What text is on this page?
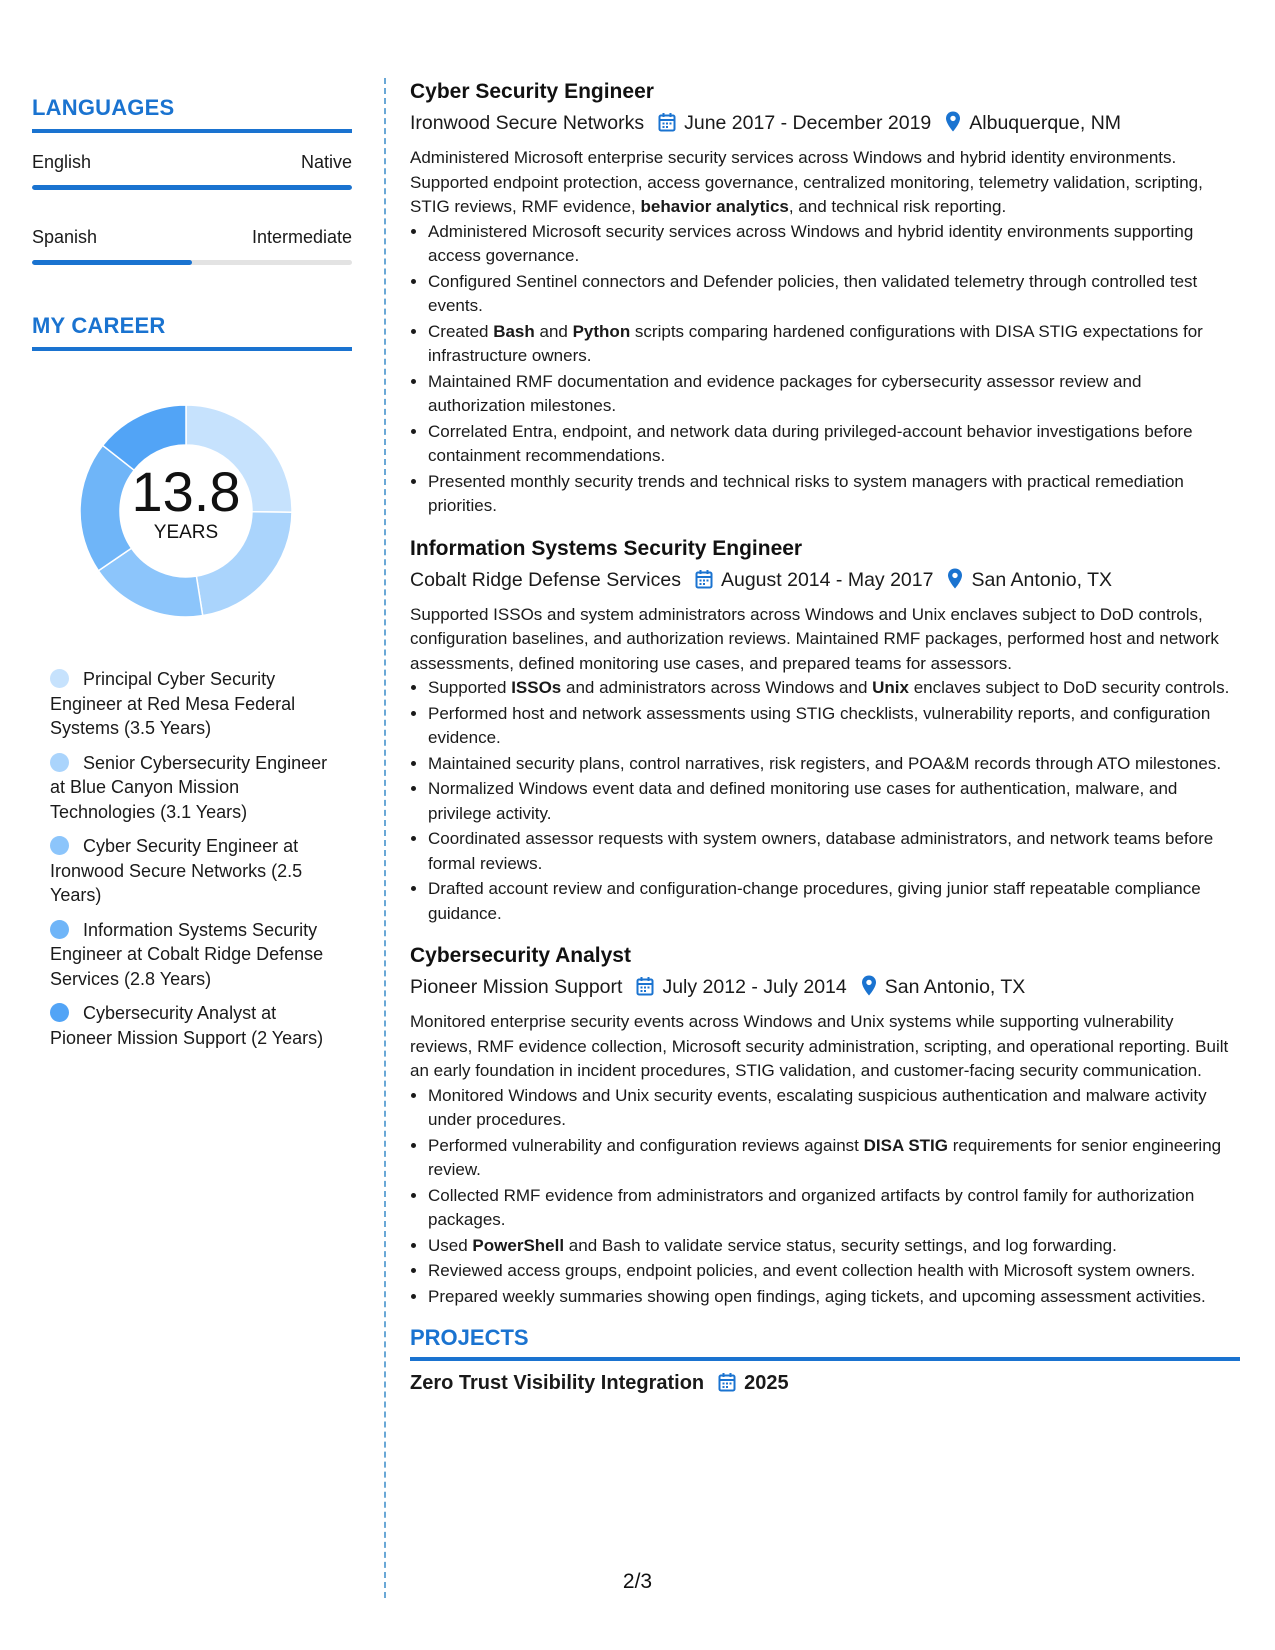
LANGUAGES
English	Native
Spanish	Intermediate
MY CAREER
13.8
YEARS
Principal Cyber Security Engineer at Red Mesa Federal Systems (3.5 Years)
Senior Cybersecurity Engineer at Blue Canyon Mission Technologies (3.1 Years)
Cyber Security Engineer at Ironwood Secure Networks (2.5 Years)
Information Systems Security Engineer at Cobalt Ridge Defense Services (2.8 Years)
Cybersecurity Analyst at Pioneer Mission Support (2 Years)
Cyber Security Engineer
Ironwood Secure Networks June 2017 - December 2019 Albuquerque, NM
Administered Microsoft enterprise security services across Windows and hybrid identity environments. Supported endpoint protection, access governance, centralized monitoring, telemetry validation, scripting, STIG reviews, RMF evidence, behavior analytics, and technical risk reporting.
• Administered Microsoft security services across Windows and hybrid identity environments supporting access governance.
• Configured Sentinel connectors and Defender policies, then validated telemetry through controlled test events.
• Created Bash and Python scripts comparing hardened configurations with DISA STIG expectations for infrastructure owners.
• Maintained RMF documentation and evidence packages for cybersecurity assessor review and authorization milestones.
• Correlated Entra, endpoint, and network data during privileged-account behavior investigations before containment recommendations.
• Presented monthly security trends and technical risks to system managers with practical remediation priorities.
Information Systems Security Engineer
Cobalt Ridge Defense Services August 2014 - May 2017 San Antonio, TX
Supported ISSOs and system administrators across Windows and Unix enclaves subject to DoD controls, configuration baselines, and authorization reviews. Maintained RMF packages, performed host and network assessments, defined monitoring use cases, and prepared teams for assessors.
• Supported ISSOs and administrators across Windows and Unix enclaves subject to DoD security controls.
• Performed host and network assessments using STIG checklists, vulnerability reports, and configuration evidence.
• Maintained security plans, control narratives, risk registers, and POA&M records through ATO milestones.
• Normalized Windows event data and defined monitoring use cases for authentication, malware, and privilege activity.
• Coordinated assessor requests with system owners, database administrators, and network teams before formal reviews.
• Drafted account review and configuration-change procedures, giving junior staff repeatable compliance guidance.
Cybersecurity Analyst
Pioneer Mission Support July 2012 - July 2014 San Antonio, TX
Monitored enterprise security events across Windows and Unix systems while supporting vulnerability reviews, RMF evidence collection, Microsoft security administration, scripting, and operational reporting. Built an early foundation in incident procedures, STIG validation, and customer-facing security communication.
• Monitored Windows and Unix security events, escalating suspicious authentication and malware activity under procedures.
• Performed vulnerability and configuration reviews against DISA STIG requirements for senior engineering review.
• Collected RMF evidence from administrators and organized artifacts by control family for authorization packages.
• Used PowerShell and Bash to validate service status, security settings, and log forwarding.
• Reviewed access groups, endpoint policies, and event collection health with Microsoft system owners.
• Prepared weekly summaries showing open findings, aging tickets, and upcoming assessment activities.
PROJECTS
Zero Trust Visibility Integration 2025
2/3
